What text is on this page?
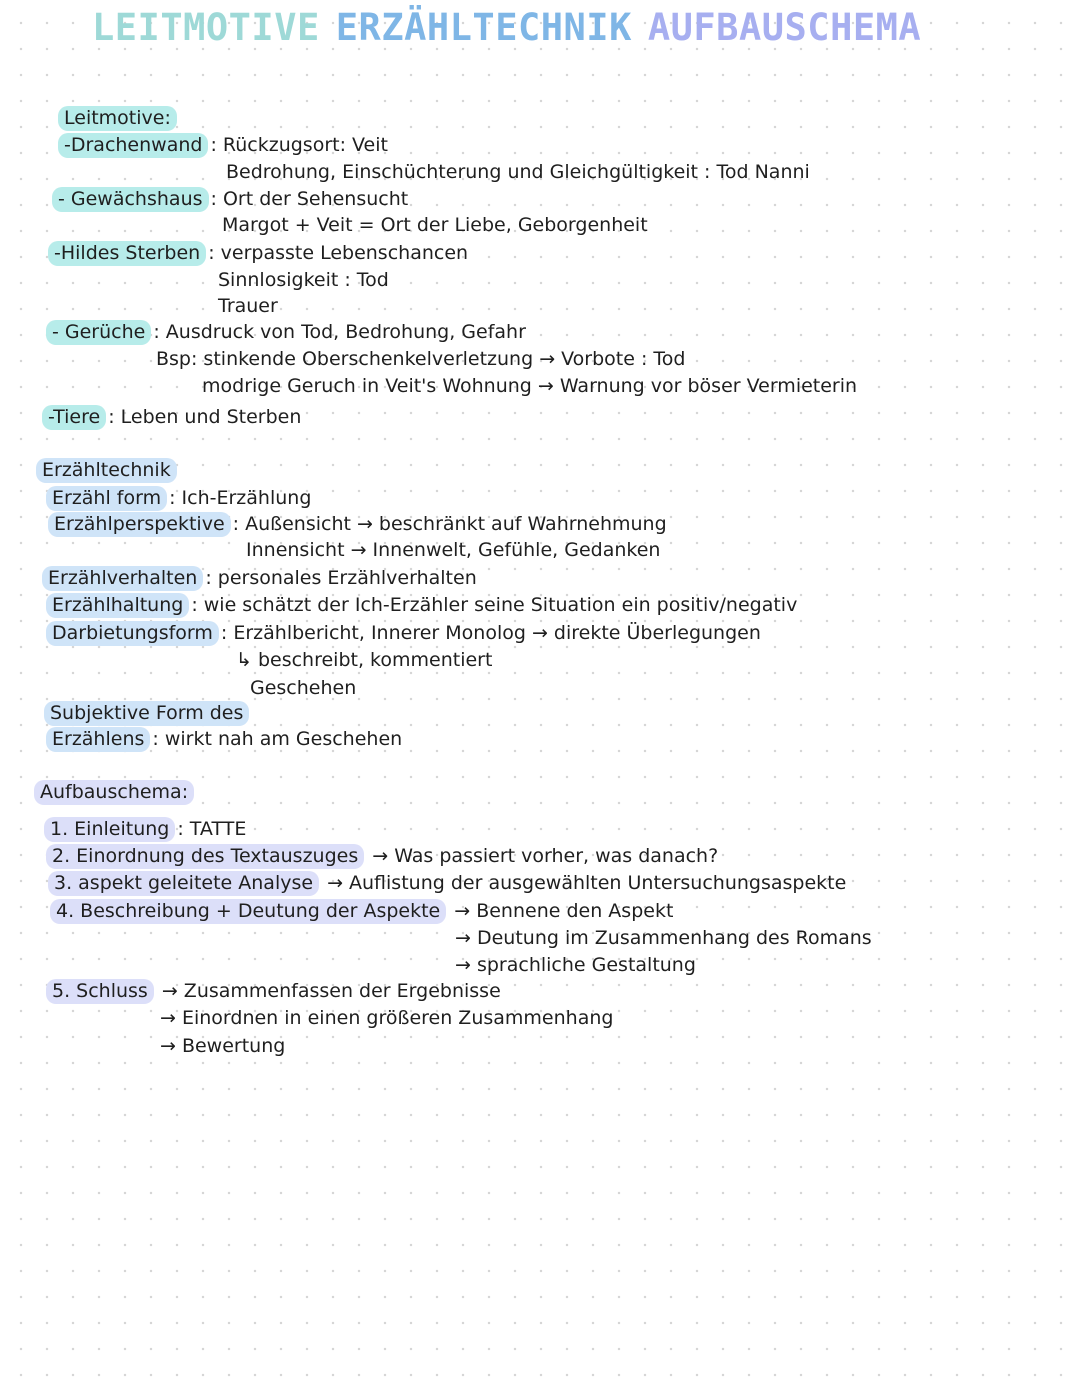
LEITMOTIVE ERZÄHLTECHNIK AUFBAUSCHEMA
Leitmotive:
-Drachenwand : Rückzugsort: Veit
Bedrohung, Einschüchterung und Gleichgültigkeit : Tod Nanni
- Gewächshaus : Ort der Sehensucht
Margot + Veit = Ort der Liebe, Geborgenheit
-Hildes Sterben : verpasste Lebenschancen
Sinnlosigkeit : Tod
Trauer
- Gerüche : Ausdruck von Tod, Bedrohung, Gefahr
Bsp: stinkende Oberschenkelverletzung → Vorbote : Tod
modrige Geruch in Veit's Wohnung → Warnung vor böser Vermieterin
-Tiere : Leben und Sterben
Erzähltechnik
Erzähl form : Ich-Erzählung
Erzählperspektive : Außensicht → beschränkt auf Wahrnehmung
Innensicht → Innenwelt, Gefühle, Gedanken
Erzählverhalten : personales Erzählverhalten
Erzählhaltung : wie schätzt der Ich-Erzähler seine Situation ein positiv/negativ
Darbietungsform : Erzählbericht, Innerer Monolog → direkte Überlegungen
↳ beschreibt, kommentiert
Geschehen
Subjektive Form des
Erzählens : wirkt nah am Geschehen
Aufbauschema:
1. Einleitung : TATTE
2. Einordnung des Textauszuges → Was passiert vorher, was danach?
3. aspekt geleitete Analyse → Auflistung der ausgewählten Untersuchungsaspekte
4. Beschreibung + Deutung der Aspekte → Bennene den Aspekt
→ Deutung im Zusammenhang des Romans
→ sprachliche Gestaltung
5. Schluss → Zusammenfassen der Ergebnisse
→ Einordnen in einen größeren Zusammenhang
→ Bewertung
